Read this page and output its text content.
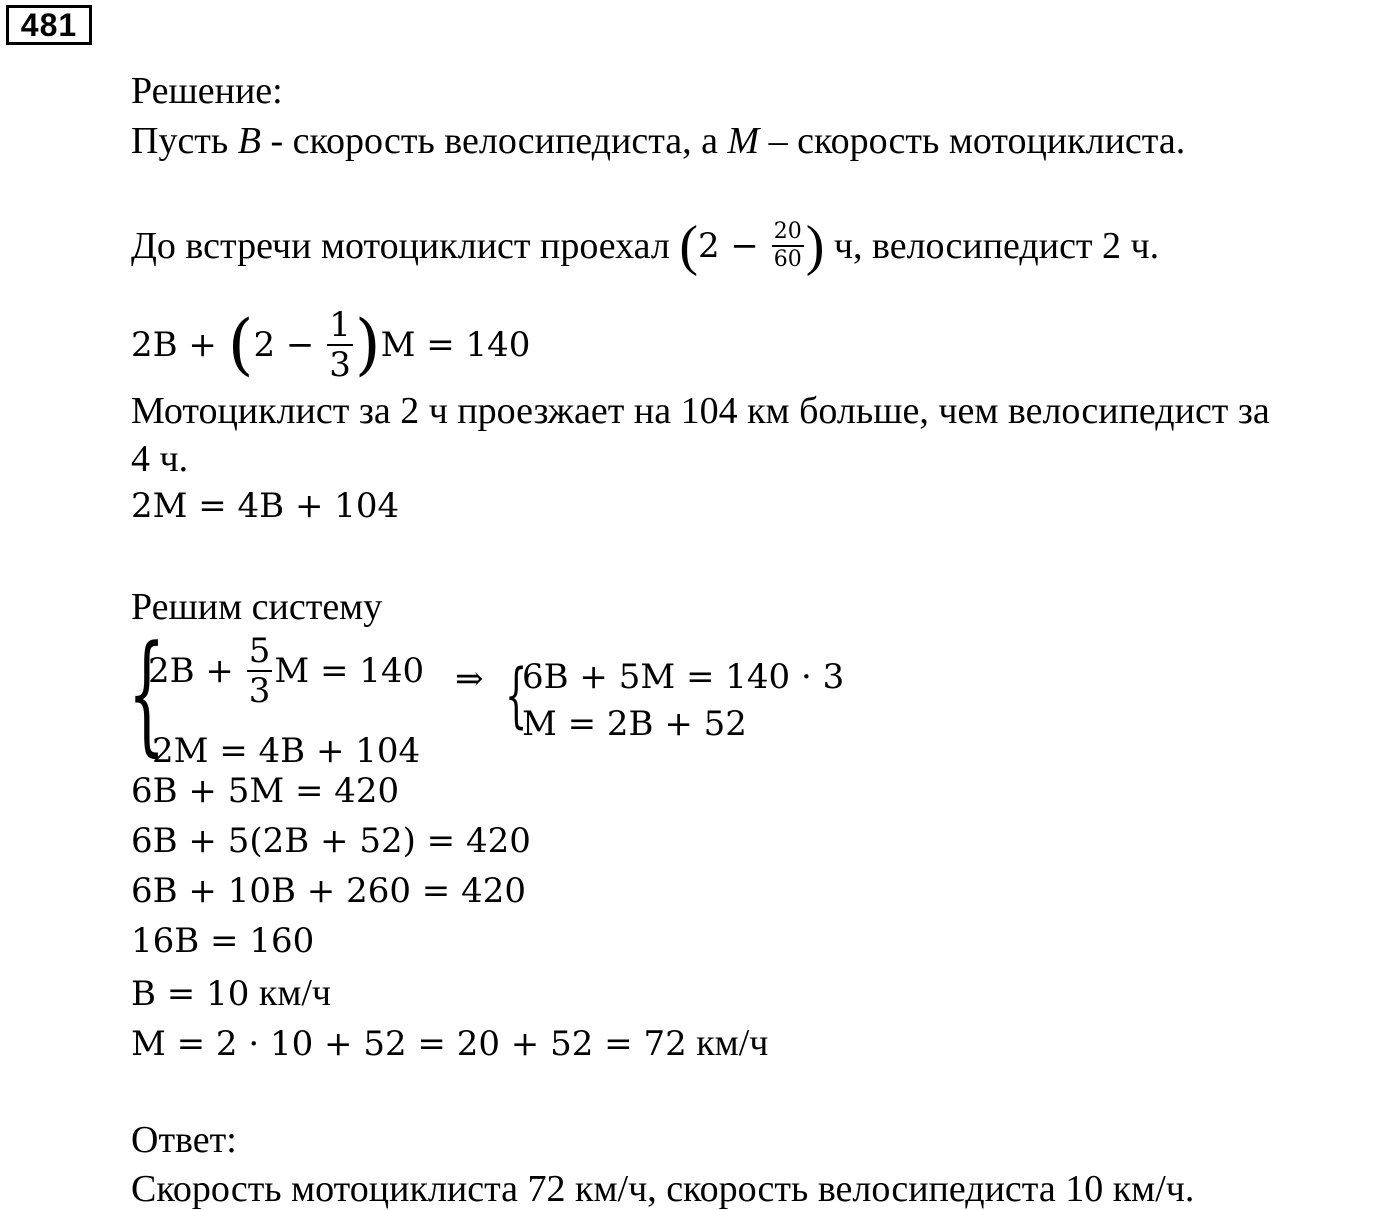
481
Решение:
Пусть B - скорость велосипедиста, а M – скорость мотоциклиста.
До встречи мотоциклист проехал ($2 - \frac{20}{60}$ ) ч, велосипедист 2 ч.
$2B + (2 - \frac{1}{3} )M = 140$
Мотоциклист за 2 ч проезжает на 104 км больше, чем велосипедист за
4 ч.
2M = 4B + 104
Решим систему
{
$2B + \frac{5}{3}$ M = 140
2M = 4B + 104
⇒ {
6B + 5M = 140 · 3
M = 2B + 52
6B + 5M = 420
6B + 5(2B + 52) = 420
6B + 10B + 260 = 420
16B = 160
B = 10 км/ч
M = 2 · 10 + 52 = 20 + 52 = 72 км/ч
Ответ:
Скорость мотоциклиста 72 км/ч, скорость велосипедиста 10 км/ч.
